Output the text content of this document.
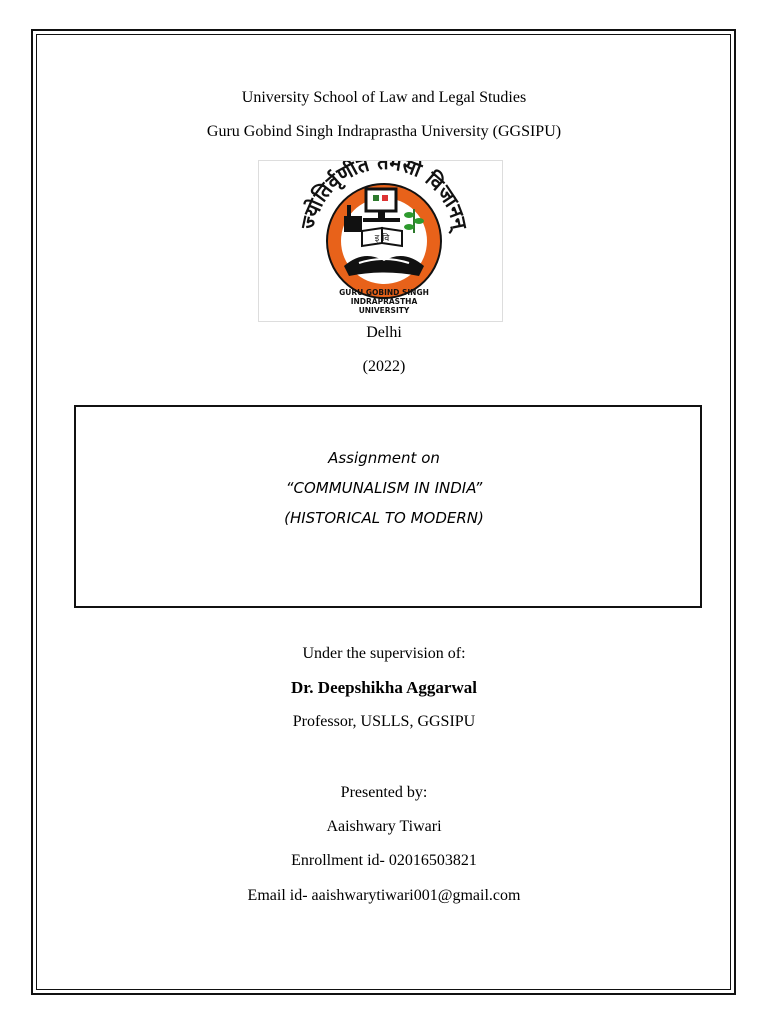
University School of Law and Legal Studies
Guru Gobind Singh Indraprastha University (GGSIPU)
ज्योतिर्वृणीत तमसो विजानन्
इ वि
GURU GOBIND SINGH
INDRAPRASTHA
UNIVERSITY
Delhi
(2022)
Assignment on
“COMMUNALISM IN INDIA”
(HISTORICAL TO MODERN)
Under the supervision of:
Dr. Deepshikha Aggarwal
Professor, USLLS, GGSIPU
Presented by:
Aaishwary Tiwari
Enrollment id- 02016503821
Email id- aaishwarytiwari001@gmail.com
